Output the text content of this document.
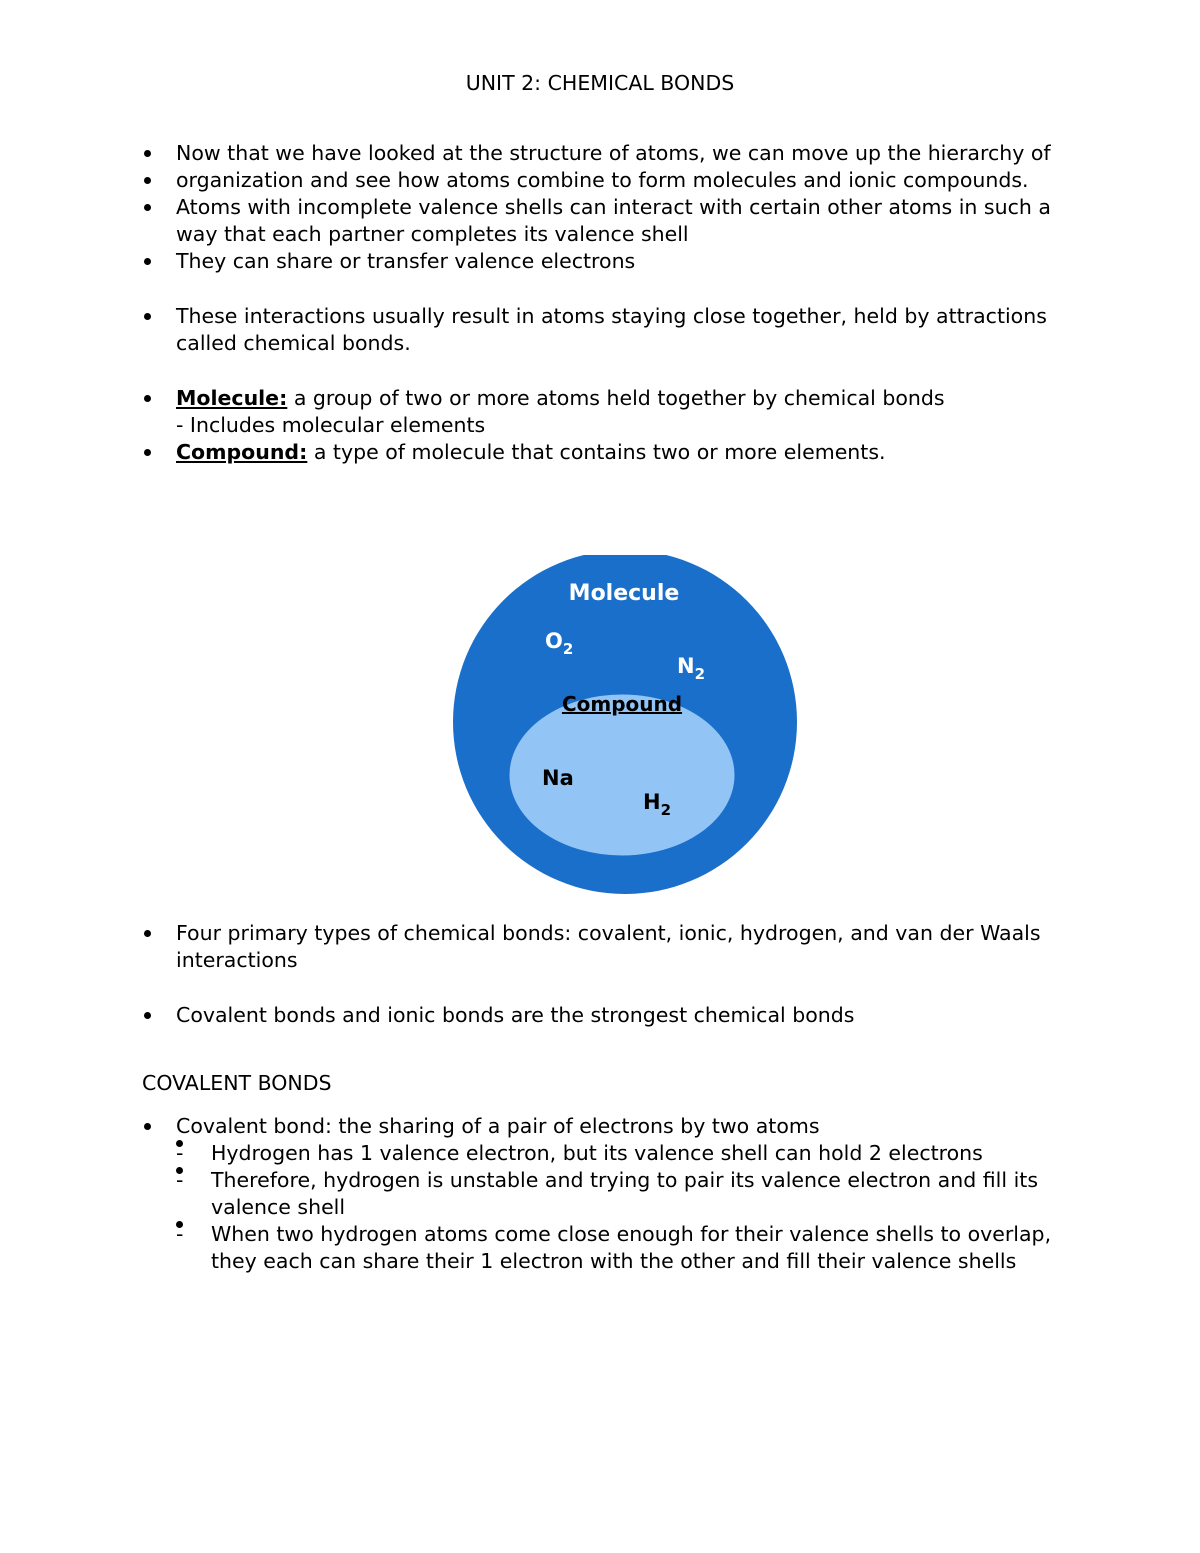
UNIT 2: CHEMICAL BONDS
Now that we have looked at the structure of atoms, we can move up the hierarchy of
organization and see how atoms combine to form molecules and ionic compounds.
Atoms with incomplete valence shells can interact with certain other atoms in such a way that each partner completes its valence shell
They can share or transfer valence electrons
These interactions usually result in atoms staying close together, held by attractions called chemical bonds.
Molecule: a group of two or more atoms held together by chemical bonds
- Includes molecular elements
Compound: a type of molecule that contains two or more elements.
Molecule
$O_2$
$N_2$
Compound
Na
$H_2$
Four primary types of chemical bonds: covalent, ionic, hydrogen, and van der Waals interactions
Covalent bonds and ionic bonds are the strongest chemical bonds
COVALENT BONDS
Covalent bond: the sharing of a pair of electrons by two atoms
- Hydrogen has 1 valence electron, but its valence shell can hold 2 electrons
- Therefore, hydrogen is unstable and trying to pair its valence electron and fill its valence shell
- When two hydrogen atoms come close enough for their valence shells to overlap, they each can share their 1 electron with the other and fill their valence shells
